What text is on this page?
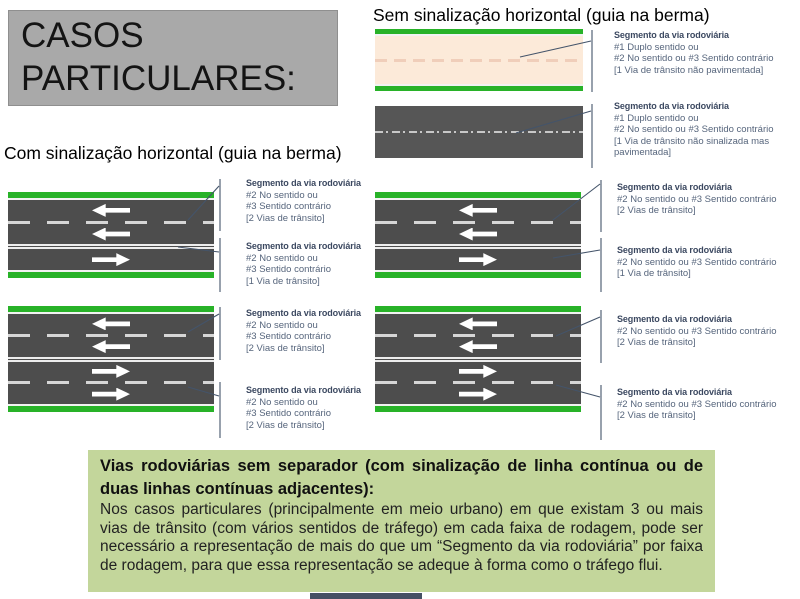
CASOS PARTICULARES:
Sem sinalização horizontal (guia na berma)
Com sinalização horizontal (guia na berma)
Segmento da via rodoviária
#1 Duplo sentido ou
#2 No sentido ou #3 Sentido contrário
[1 Via de trânsito não pavimentada]
Segmento da via rodoviária
#1 Duplo sentido ou
#2 No sentido ou #3 Sentido contrário
[1 Via de trânsito não sinalizada mas pavimentada]
Segmento da via rodoviária
#2 No sentido ou
#3 Sentido contrário
[2 Vias de trânsito]
Segmento da via rodoviária
#2 No sentido ou
#3 Sentido contrário
[1 Via de trânsito]
Segmento da via rodoviária
#2 No sentido ou
#3 Sentido contrário
[2 Vias de trânsito]
Segmento da via rodoviária
#2 No sentido ou
#3 Sentido contrário
[2 Vias de trânsito]
Segmento da via rodoviária
#2 No sentido ou #3 Sentido contrário
[2 Vias de trânsito]
Segmento da via rodoviária
#2 No sentido ou #3 Sentido contrário
[1 Via de trânsito]
Segmento da via rodoviária
#2 No sentido ou #3 Sentido contrário
[2 Vias de trânsito]
Segmento da via rodoviária
#2 No sentido ou #3 Sentido contrário
[2 Vias de trânsito]
Vias rodoviárias sem separador (com sinalização de linha contínua ou de duas linhas contínuas adjacentes):
Nos casos particulares (principalmente em meio urbano) em que existam 3 ou mais vias de trânsito (com vários sentidos de tráfego) em cada faixa de rodagem, pode ser necessário a representação de mais do que um “Segmento da via rodoviária” por faixa de rodagem, para que essa representação se adeque à forma como o tráfego flui.
